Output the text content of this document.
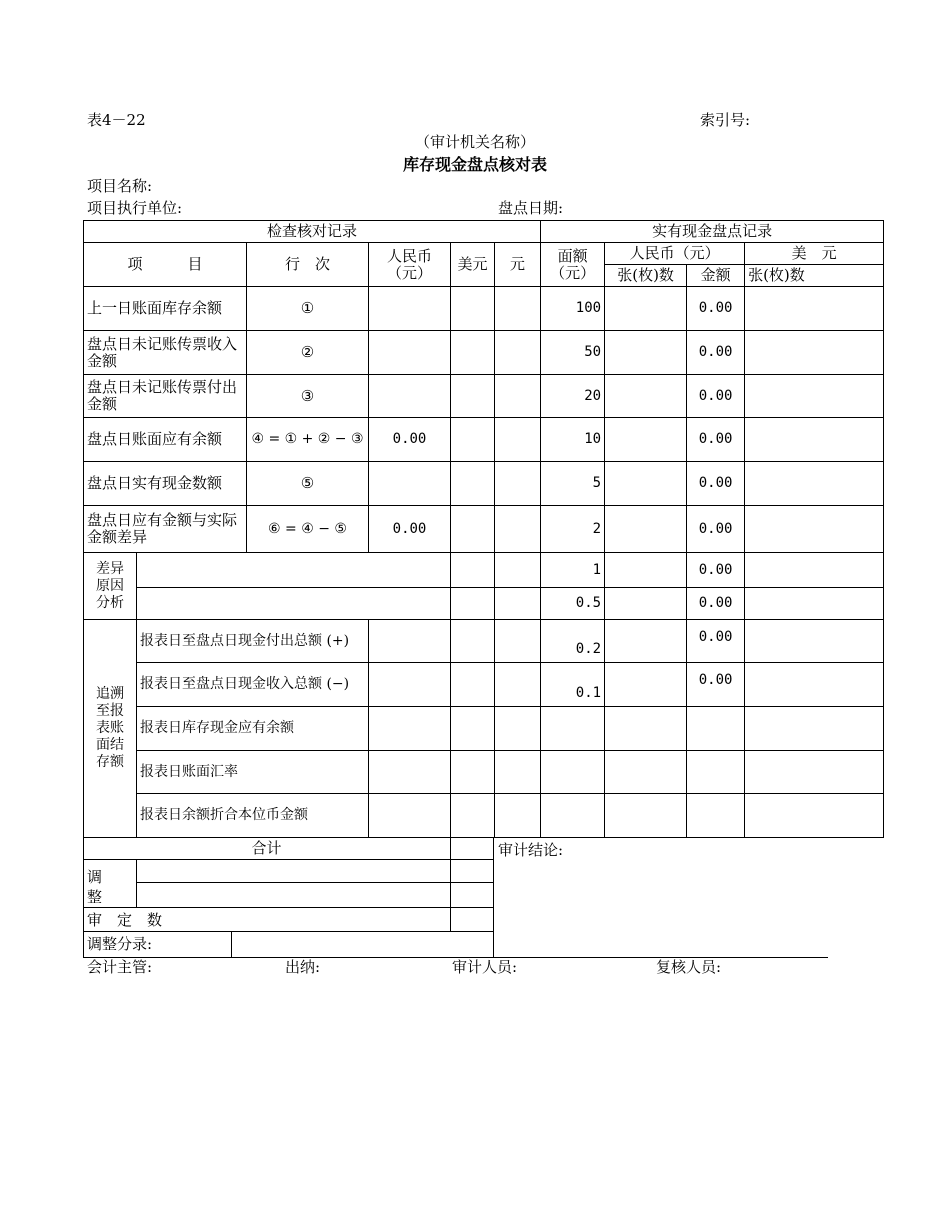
表4－22	索引号:
（审计机关名称）
库存现金盘点核对表
项目名称:
项目执行单位:	盘点日期:
检查核对记录						实有现金盘点记录			
项　　　目		行　次	人民币（元）	美元	元	面额（元）	人民币（元）		美　元
							张(枚)数	金额	张(枚)数
上一日账面库存余额		①				100		0.00	
盘点日未记账传票收入金额		②				50		0.00	
盘点日未记账传票付出金额		③				20		0.00	
盘点日账面应有余额		④ = ① + ② − ③	0.00			10		0.00	
盘点日实有现金数额		⑤				5		0.00	
盘点日应有金额与实际金额差异		⑥ = ④ − ⑤	0.00			2		0.00	
差异原因分析						1		0.00	
						0.5		0.00	
追溯至报表账面结存额	报表日至盘点日现金付出总额 (+)					0.2		0.00	
	报表日至盘点日现金收入总额 (−)					0.1		0.00	
	报表日库存现金应有余额								
	报表日账面汇率								
	报表日余额折合本位币金额								
合计
调　整
审　定　数
调整分录:
审计结论:
会计主管:	出纳:	审计人员:	复核人员:
